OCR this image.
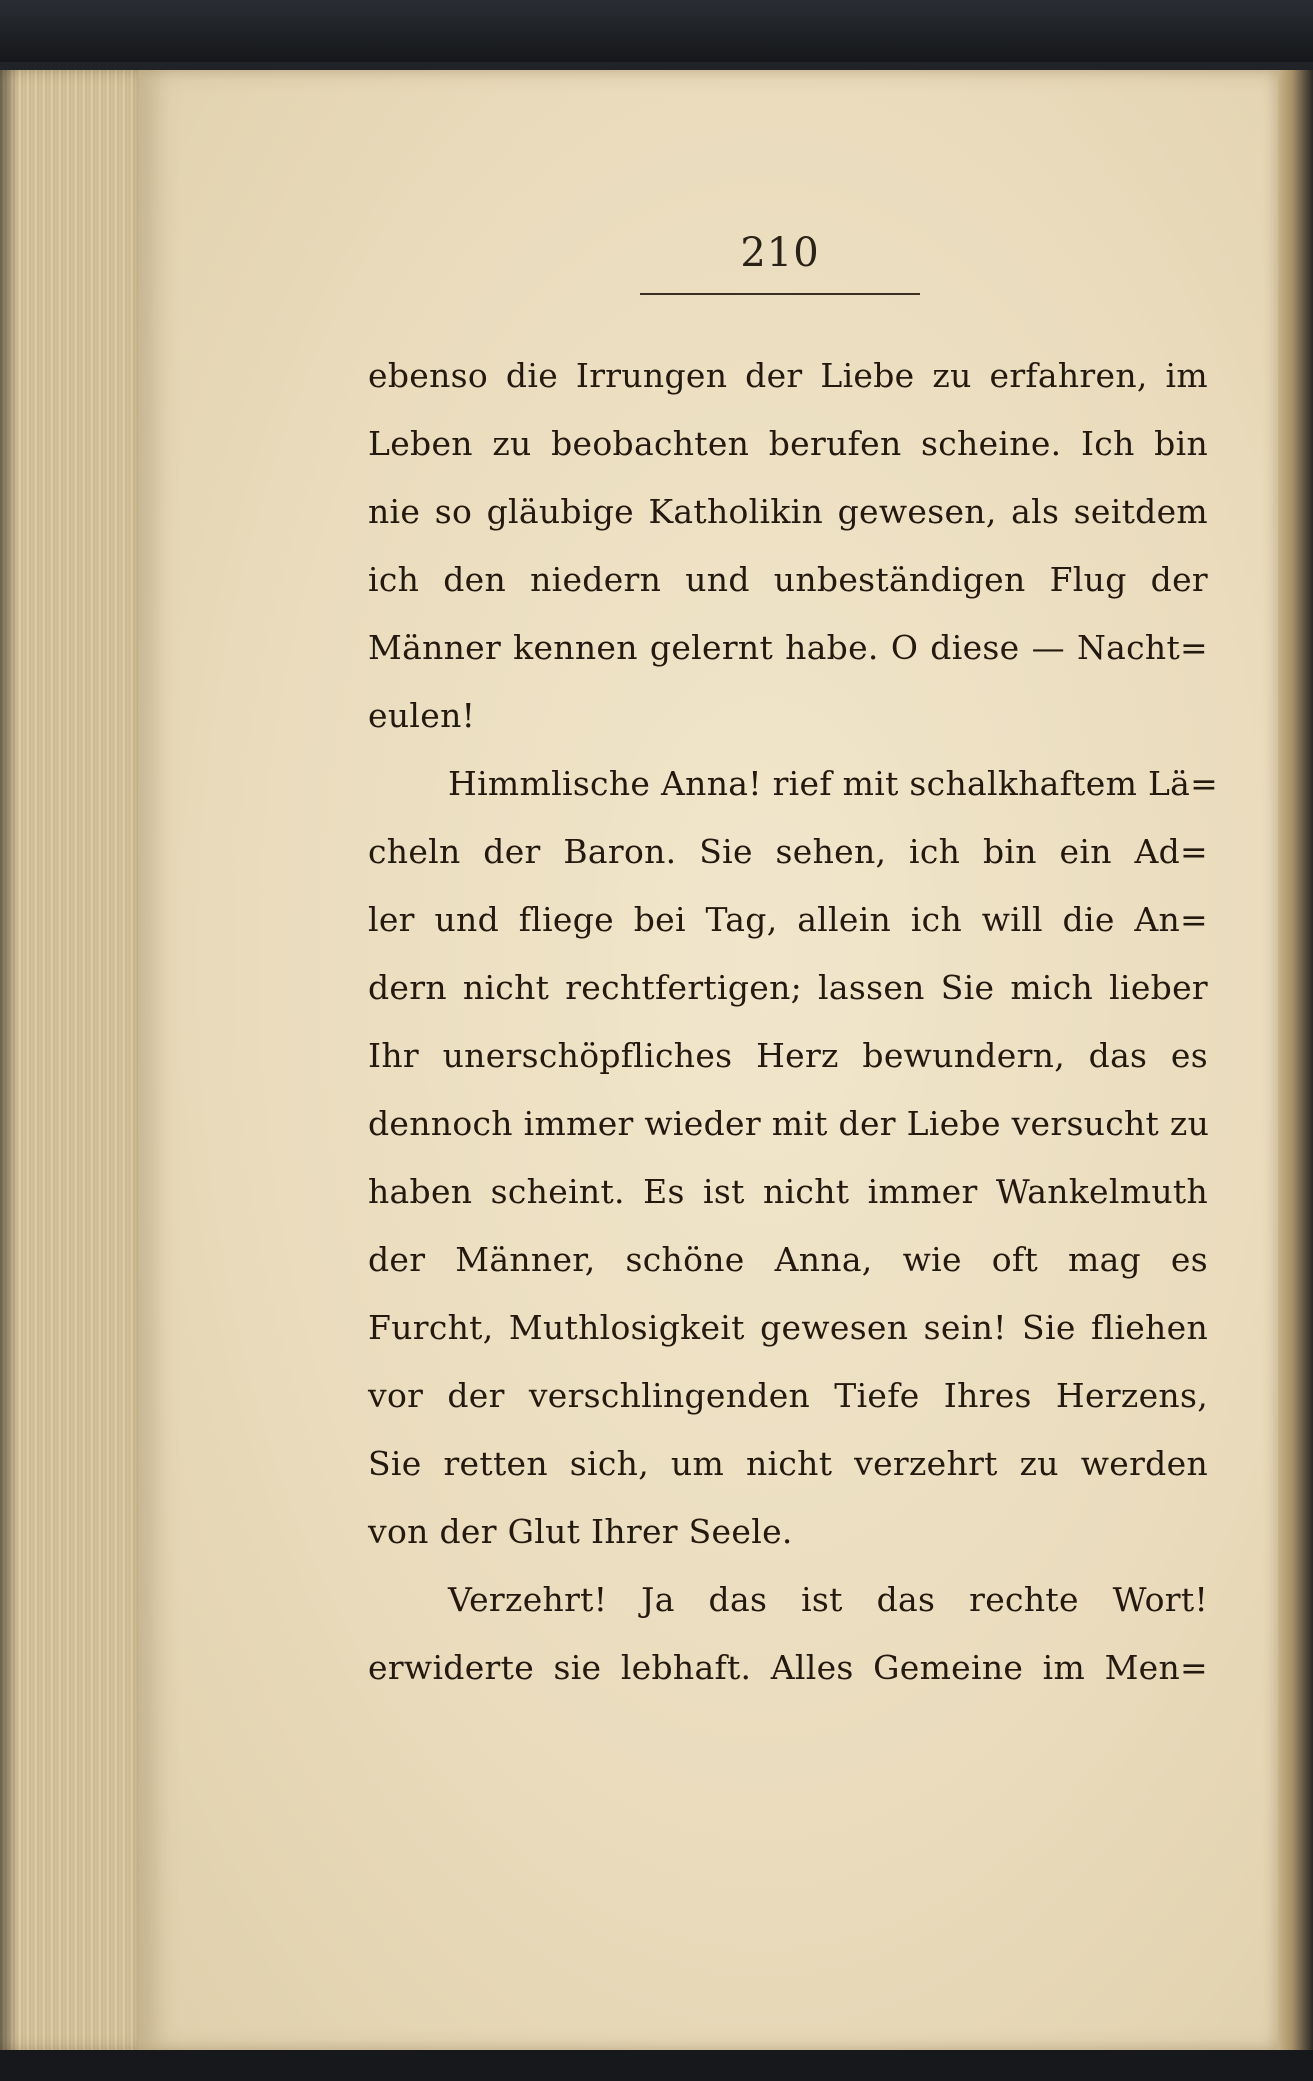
210
ebenso die Irrungen der Liebe zu erfahren, im
Leben zu beobachten berufen scheine. Ich bin
nie so gläubige Katholikin gewesen, als seitdem
ich den niedern und unbeständigen Flug der
Männer kennen gelernt habe. O diese — Nacht=
eulen!
Himmlische Anna! rief mit schalkhaftem Lä=
cheln der Baron. Sie sehen, ich bin ein Ad=
ler und fliege bei Tag, allein ich will die An=
dern nicht rechtfertigen; lassen Sie mich lieber
Ihr unerschöpfliches Herz bewundern, das es
dennoch immer wieder mit der Liebe versucht zu
haben scheint. Es ist nicht immer Wankelmuth
der Männer, schöne Anna, wie oft mag es
Furcht, Muthlosigkeit gewesen sein! Sie fliehen
vor der verschlingenden Tiefe Ihres Herzens,
Sie retten sich, um nicht verzehrt zu werden
von der Glut Ihrer Seele.
Verzehrt! Ja das ist das rechte Wort!
erwiderte sie lebhaft. Alles Gemeine im Men=
